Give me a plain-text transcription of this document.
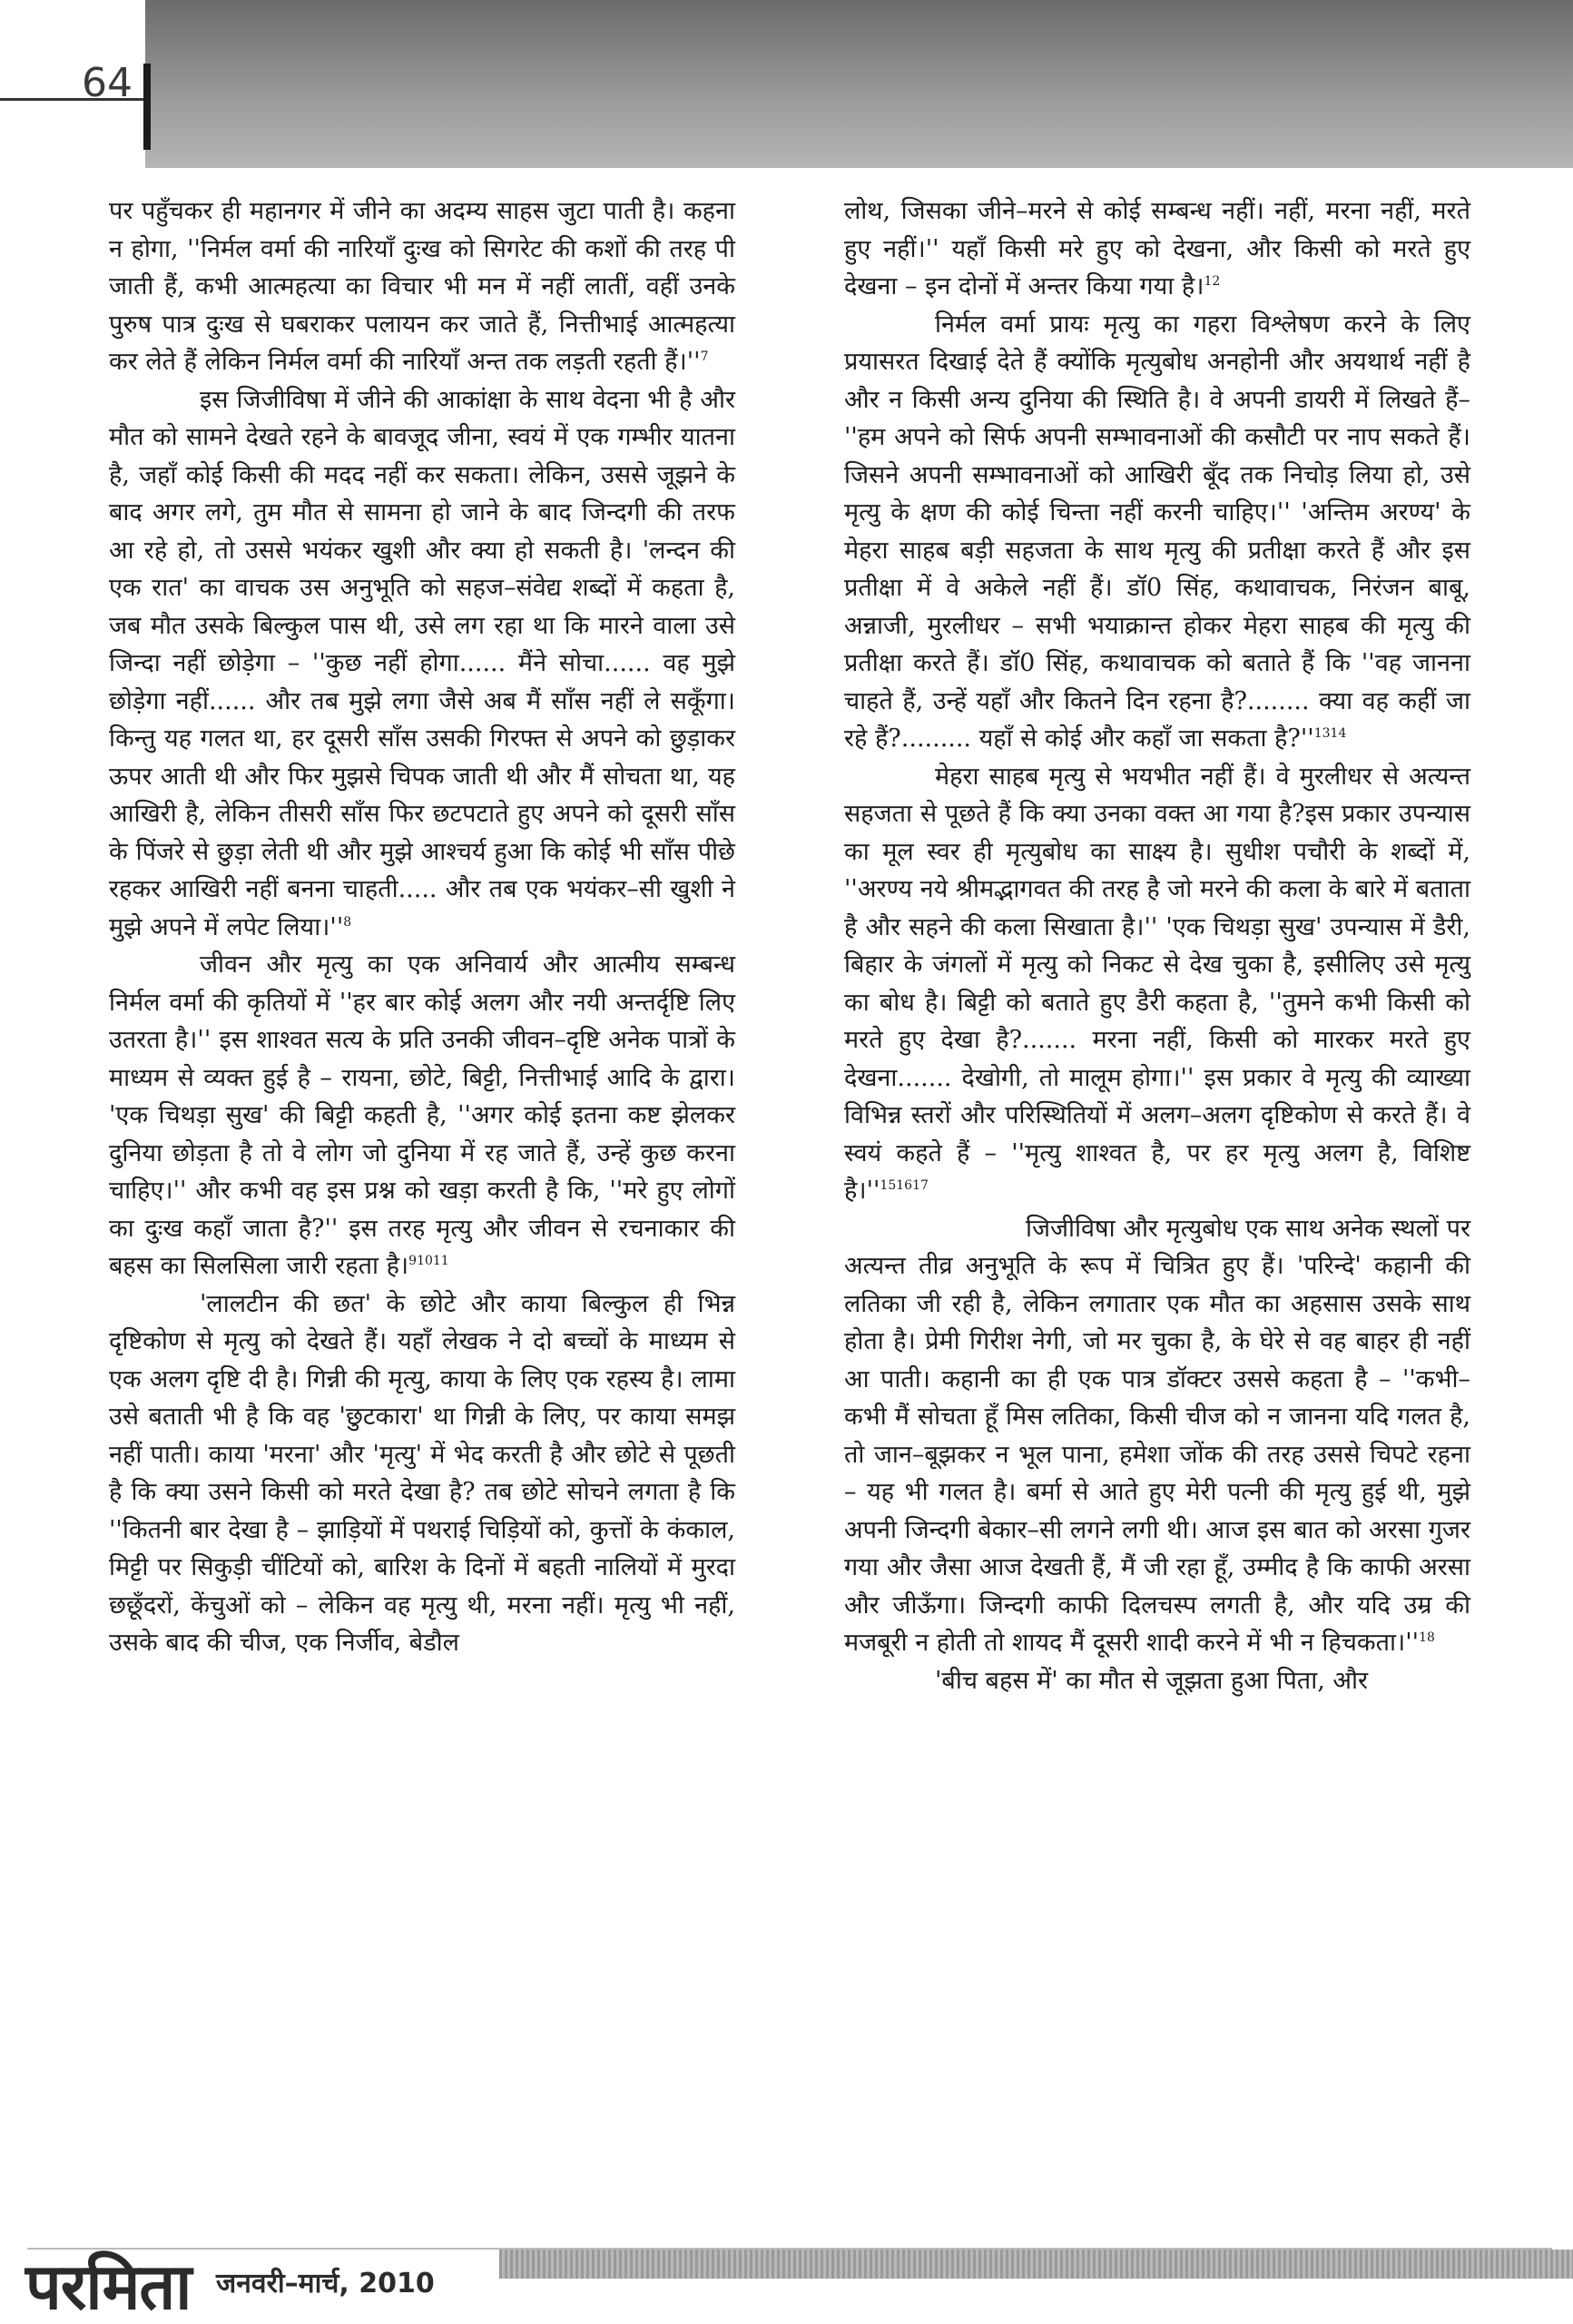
64

पर पहुँचकर ही महानगर में जीने का अदम्य साहस जुटा पाती है। कहना न होगा, ''निर्मल वर्मा की नारियाँ दुःख को सिगरेट की कशों की तरह पी जाती हैं, कभी आत्महत्या का विचार भी मन में नहीं लातीं, वहीं उनके पुरुष पात्र दुःख से घबराकर पलायन कर जाते हैं, नित्तीभाई आत्महत्या कर लेते हैं लेकिन निर्मल वर्मा की नारियाँ अन्त तक लड़ती रहती $हैं।''^7$

इस जिजीविषा में जीने की आकांक्षा के साथ वेदना भी है और मौत को सामने देखते रहने के बावजूद जीना, स्वयं में एक गम्भीर यातना है, जहाँ कोई किसी की मदद नहीं कर सकता। लेकिन, उससे जूझने के बाद अगर लगे, तुम मौत से सामना हो जाने के बाद जिन्दगी की तरफ आ रहे हो, तो उससे भयंकर खुशी और क्या हो सकती है। 'लन्दन की एक रात' का वाचक उस अनुभूति को सहज–संवेद्य शब्दों में कहता है, जब मौत उसके बिल्कुल पास थी, उसे लग रहा था कि मारने वाला उसे जिन्दा नहीं छोड़ेगा – ''कुछ नहीं होगा...... मैंने सोचा...... वह मुझे छोड़ेगा नहीं...... और तब मुझे लगा जैसे अब मैं साँस नहीं ले सकूँगा। किन्तु यह गलत था, हर दूसरी साँस उसकी गिरफ्त से अपने को छुड़ाकर ऊपर आती थी और फिर मुझसे चिपक जाती थी और मैं सोचता था, यह आखिरी है, लेकिन तीसरी साँस फिर छटपटाते हुए अपने को दूसरी साँस के पिंजरे से छुड़ा लेती थी और मुझे आश्चर्य हुआ कि कोई भी साँस पीछे रहकर आखिरी नहीं बनना चाहती..... और तब एक भयंकर–सी खुशी ने मुझे अपने में लपेट $लिया।''^8$

जीवन और मृत्यु का एक अनिवार्य और आत्मीय सम्बन्ध निर्मल वर्मा की कृतियों में ''हर बार कोई अलग और नयी अन्तर्दृष्टि लिए उतरता है।'' इस शाश्वत सत्य के प्रति उनकी जीवन–दृष्टि अनेक पात्रों के माध्यम से व्यक्त हुई है – रायना, छोटे, बिट्टी, नित्तीभाई आदि के द्वारा। 'एक चिथड़ा सुख' की बिट्टी कहती है, ''अगर कोई इतना कष्ट झेलकर दुनिया छोड़ता है तो वे लोग जो दुनिया में रह जाते हैं, उन्हें कुछ करना चाहिए।'' और कभी वह इस प्रश्न को खड़ा करती है कि, ''मरे हुए लोगों का दुःख कहाँ जाता है?'' इस तरह मृत्यु और जीवन से रचनाकार की बहस का सिलसिला जारी रहता है।$^{91011}$

'लालटीन की छत' के छोटे और काया बिल्कुल ही भिन्न दृष्टिकोण से मृत्यु को देखते हैं। यहाँ लेखक ने दो बच्चों के माध्यम से एक अलग दृष्टि दी है। गिन्नी की मृत्यु, काया के लिए एक रहस्य है। लामा उसे बताती भी है कि वह 'छुटकारा' था गिन्नी के लिए, पर काया समझ नहीं पाती। काया 'मरना' और 'मृत्यु' में भेद करती है और छोटे से पूछती है कि क्या उसने किसी को मरते देखा है? तब छोटे सोचने लगता है कि ''कितनी बार देखा है – झाड़ियों में पथराई चिड़ियों को, कुत्तों के कंकाल, मिट्टी पर सिकुड़ी चींटियों को, बारिश के दिनों में बहती नालियों में मुरदा छछूँदरों, केंचुओं को – लेकिन वह मृत्यु थी, मरना नहीं। मृत्यु भी नहीं, उसके बाद की चीज, एक निर्जीव, बेडौल

लोथ, जिसका जीने–मरने से कोई सम्बन्ध नहीं। नहीं, मरना नहीं, मरते हुए नहीं।'' यहाँ किसी मरे हुए को देखना, और किसी को मरते हुए देखना – इन दोनों में अन्तर किया गया है।$^{12}$

निर्मल वर्मा प्रायः मृत्यु का गहरा विश्लेषण करने के लिए प्रयासरत दिखाई देते हैं क्योंकि मृत्युबोध अनहोनी और अयथार्थ नहीं है और न किसी अन्य दुनिया की स्थिति है। वे अपनी डायरी में लिखते हैं– ''हम अपने को सिर्फ अपनी सम्भावनाओं की कसौटी पर नाप सकते हैं। जिसने अपनी सम्भावनाओं को आखिरी बूँद तक निचोड़ लिया हो, उसे मृत्यु के क्षण की कोई चिन्ता नहीं करनी चाहिए।'' 'अन्तिम अरण्य' के मेहरा साहब बड़ी सहजता के साथ मृत्यु की प्रतीक्षा करते हैं और इस प्रतीक्षा में वे अकेले नहीं हैं। डॉ0 सिंह, कथावाचक, निरंजन बाबू, अन्नाजी, मुरलीधर – सभी भयाक्रान्त होकर मेहरा साहब की मृत्यु की प्रतीक्षा करते हैं। डॉ0 सिंह, कथावाचक को बताते हैं कि ''वह जानना चाहते हैं, उन्हें यहाँ और कितने दिन रहना है?........ क्या वह कहीं जा रहे हैं?......... यहाँ से कोई और कहाँ जा सकता $है?''^{1314}$

मेहरा साहब मृत्यु से भयभीत नहीं हैं। वे मुरलीधर से अत्यन्त सहजता से पूछते हैं कि क्या उनका वक्त आ गया है?इस प्रकार उपन्यास का मूल स्वर ही मृत्युबोध का साक्ष्य है। सुधीश पचौरी के शब्दों में, ''अरण्य नये श्रीमद्भागवत की तरह है जो मरने की कला के बारे में बताता है और सहने की कला सिखाता है।'' 'एक चिथड़ा सुख' उपन्यास में डैरी, बिहार के जंगलों में मृत्यु को निकट से देख चुका है, इसीलिए उसे मृत्यु का बोध है। बिट्टी को बताते हुए डैरी कहता है, ''तुमने कभी किसी को मरते हुए देखा है?....... मरना नहीं, किसी को मारकर मरते हुए देखना....... देखोगी, तो मालूम होगा।'' इस प्रकार वे मृत्यु की व्याख्या विभिन्न स्तरों और परिस्थितियों में अलग–अलग दृष्टिकोण से करते हैं। वे स्वयं कहते हैं – ''मृत्यु शाश्वत है, पर हर मृत्यु अलग है, विशिष्ट $है।''^{151617}$

जिजीविषा और मृत्युबोध एक साथ अनेक स्थलों पर अत्यन्त तीव्र अनुभूति के रूप में चित्रित हुए हैं। 'परिन्दे' कहानी की लतिका जी रही है, लेकिन लगातार एक मौत का अहसास उसके साथ होता है। प्रेमी गिरीश नेगी, जो मर चुका है, के घेरे से वह बाहर ही नहीं आ पाती। कहानी का ही एक पात्र डॉक्टर उससे कहता है – ''कभी–कभी मैं सोचता हूँ मिस लतिका, किसी चीज को न जानना यदि गलत है, तो जान–बूझकर न भूल पाना, हमेशा जोंक की तरह उससे चिपटे रहना – यह भी गलत है। बर्मा से आते हुए मेरी पत्नी की मृत्यु हुई थी, मुझे अपनी जिन्दगी बेकार–सी लगने लगी थी। आज इस बात को अरसा गुजर गया और जैसा आज देखती हैं, मैं जी रहा हूँ, उम्मीद है कि काफी अरसा और जीऊँगा। जिन्दगी काफी दिलचस्प लगती है, और यदि उम्र की मजबूरी न होती तो शायद मैं दूसरी शादी करने में भी न $हिचकता।''^{18}$

'बीच बहस में' का मौत से जूझता हुआ पिता, और

परमिता जनवरी–मार्च, 2010
